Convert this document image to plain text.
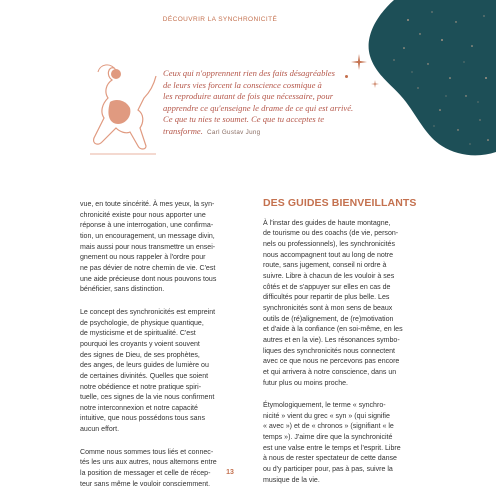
DÉCOUVRIR LA SYNCHRONICITÉ
Ceux qui n'opprennent rien des faits désagréables
de leurs vies forcent la conscience cosmique à
les reproduire autant de fois que nécessaire, pour
apprendre ce qu'enseigne le drame de ce qui est arrivé.
Ce que tu nies te soumet. Ce que tu acceptes te
transforme. Carl Gustav Jung

vue, en toute sincérité. À mes yeux, la syn-
chronicité existe pour nous apporter une
réponse à une interrogation, une confirma-
tion, un encouragement, un message divin,
mais aussi pour nous transmettre un ensei-
gnement ou nous rappeler à l'ordre pour
ne pas dévier de notre chemin de vie. C'est
une aide précieuse dont nous pouvons tous
bénéficier, sans distinction.

Le concept des synchronicités est empreint
de psychologie, de physique quantique,
de mysticisme et de spiritualité. C'est
pourquoi les croyants y voient souvent
des signes de Dieu, de ses prophètes,
des anges, de leurs guides de lumière ou
de certaines divinités. Quelles que soient
notre obédience et notre pratique spiri-
tuelle, ces signes de la vie nous confirment
notre interconnexion et notre capacité
intuitive, que nous possédons tous sans
aucun effort.

Comme nous sommes tous liés et connec-
tés les uns aux autres, nous alternons entre
la position de messager et celle de récep-
teur sans même le vouloir consciemment.

DES GUIDES BIENVEILLANTS

À l'instar des guides de haute montagne,
de tourisme ou des coachs (de vie, person-
nels ou professionnels), les synchronicités
nous accompagnent tout au long de notre
route, sans jugement, conseil ni ordre à
suivre. Libre à chacun de les vouloir à ses
côtés et de s'appuyer sur elles en cas de
difficultés pour repartir de plus belle. Les
synchronicités sont à mon sens de beaux
outils de (ré)alignement, de (re)motivation
et d'aide à la confiance (en soi-même, en les
autres et en la vie). Les résonances symbo-
liques des synchronicités nous connectent
avec ce que nous ne percevons pas encore
et qui arrivera à notre conscience, dans un
futur plus ou moins proche.

Étymologiquement, le terme « synchro-
nicité » vient du grec « syn » (qui signifie
« avec ») et de « chronos » (signifiant « le
temps »). J'aime dire que la synchronicité
est une valse entre le temps et l'esprit. Libre
à nous de rester spectateur de cette danse
ou d'y participer pour, pas à pas, suivre la
musique de la vie.

13
